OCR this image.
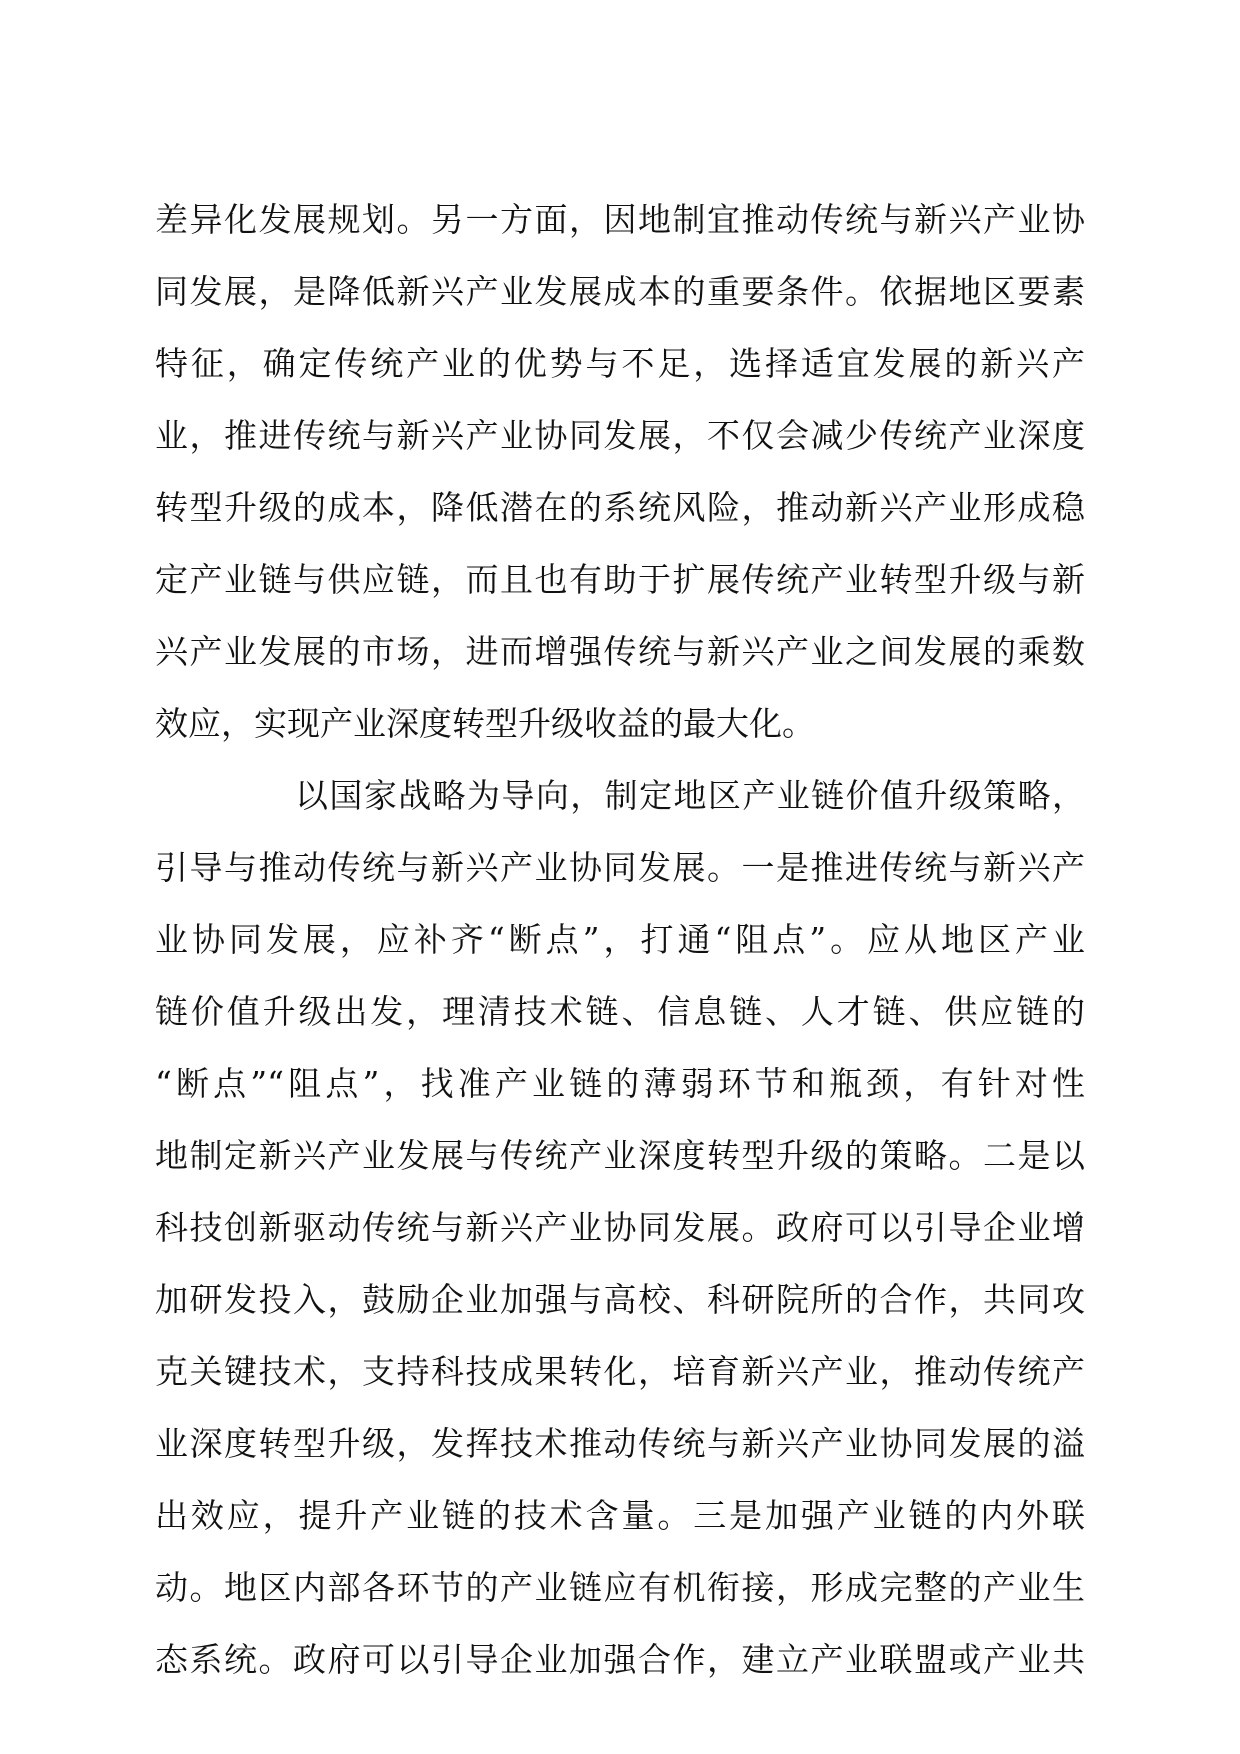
差异化发展规划。另一方面，因地制宜推动传统与新兴产业协
同发展，是降低新兴产业发展成本的重要条件。依据地区要素
特征，确定传统产业的优势与不足，选择适宜发展的新兴产
业，推进传统与新兴产业协同发展，不仅会减少传统产业深度
转型升级的成本，降低潜在的系统风险，推动新兴产业形成稳
定产业链与供应链，而且也有助于扩展传统产业转型升级与新
兴产业发展的市场，进而增强传统与新兴产业之间发展的乘数
效应，实现产业深度转型升级收益的最大化。
以国家战略为导向，制定地区产业链价值升级策略，
引导与推动传统与新兴产业协同发展。一是推进传统与新兴产
业协同发展，应补齐“断点”，打通“阻点”。应从地区产业
链价值升级出发，理清技术链、信息链、人才链、供应链的
“断点”“阻点”，找准产业链的薄弱环节和瓶颈，有针对性
地制定新兴产业发展与传统产业深度转型升级的策略。二是以
科技创新驱动传统与新兴产业协同发展。政府可以引导企业增
加研发投入，鼓励企业加强与高校、科研院所的合作，共同攻
克关键技术，支持科技成果转化，培育新兴产业，推动传统产
业深度转型升级，发挥技术推动传统与新兴产业协同发展的溢
出效应，提升产业链的技术含量。三是加强产业链的内外联
动。地区内部各环节的产业链应有机衔接，形成完整的产业生
态系统。政府可以引导企业加强合作，建立产业联盟或产业共
